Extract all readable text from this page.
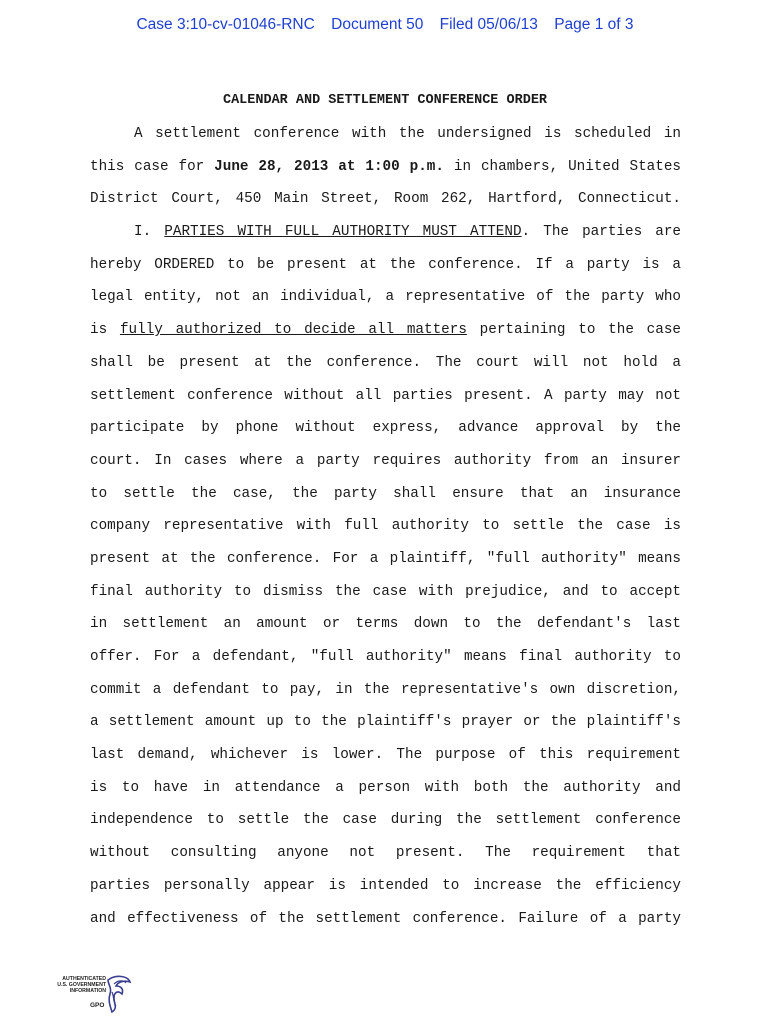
Case 3:10-cv-01046-RNC Document 50 Filed 05/06/13 Page 1 of 3
CALENDAR AND SETTLEMENT CONFERENCE ORDER
A settlement conference with the undersigned is scheduled in
this case for June 28, 2013 at 1:00 p.m. in chambers, United States
District Court, 450 Main Street, Room 262, Hartford, Connecticut.
I. PARTIES WITH FULL AUTHORITY MUST ATTEND. The parties are
hereby ORDERED to be present at the conference. If a party is a
legal entity, not an individual, a representative of the party who
is fully authorized to decide all matters pertaining to the case
shall be present at the conference. The court will not hold a
settlement conference without all parties present. A party may not
participate by phone without express, advance approval by the
court. In cases where a party requires authority from an insurer
to settle the case, the party shall ensure that an insurance
company representative with full authority to settle the case is
present at the conference. For a plaintiff, "full authority" means
final authority to dismiss the case with prejudice, and to accept
in settlement an amount or terms down to the defendant's last
offer. For a defendant, "full authority" means final authority to
commit a defendant to pay, in the representative's own discretion,
a settlement amount up to the plaintiff's prayer or the plaintiff's
last demand, whichever is lower. The purpose of this requirement
is to have in attendance a person with both the authority and
independence to settle the case during the settlement conference
without consulting anyone not present. The requirement that
parties personally appear is intended to increase the efficiency
and effectiveness of the settlement conference. Failure of a party
AUTHENTICATED
U.S. GOVERNMENT
INFORMATION
GPO
